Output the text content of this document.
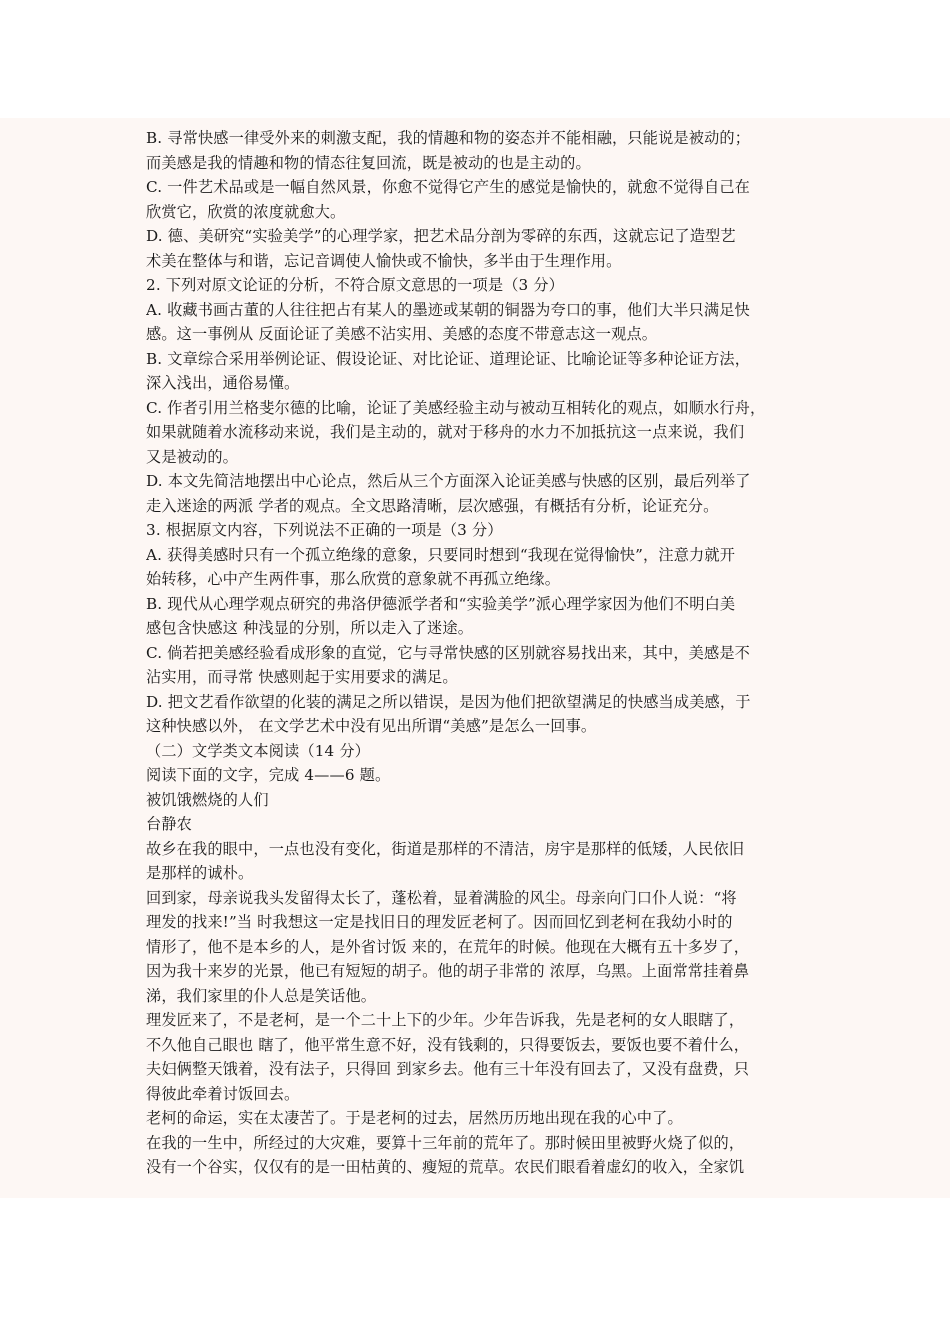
B. 寻常快感一律受外来的刺激支配，我的情趣和物的姿态并不能相融，只能说是被动的；
而美感是我的情趣和物的情态往复回流，既是被动的也是主动的。
C. 一件艺术品或是一幅自然风景，你愈不觉得它产生的感觉是愉快的，就愈不觉得自己在
欣赏它，欣赏的浓度就愈大。
D. 德、美研究“实验美学”的心理学家，把艺术品分剖为零碎的东西，这就忘记了造型艺
术美在整体与和谐，忘记音调使人愉快或不愉快，多半由于生理作用。
2. 下列对原文论证的分析，不符合原文意思的一项是（3 分）
A. 收藏书画古董的人往往把占有某人的墨迹或某朝的铜器为夸口的事，他们大半只满足快
感。这一事例从 反面论证了美感不沾实用、美感的态度不带意志这一观点。
B. 文章综合采用举例论证、假设论证、对比论证、道理论证、比喻论证等多种论证方法，
深入浅出，通俗易懂。
C. 作者引用兰格斐尔德的比喻，论证了美感经验主动与被动互相转化的观点，如顺水行舟，
如果就随着水流移动来说，我们是主动的，就对于移舟的水力不加抵抗这一点来说，我们
又是被动的。
D. 本文先简洁地摆出中心论点，然后从三个方面深入论证美感与快感的区别，最后列举了
走入迷途的两派 学者的观点。全文思路清晰，层次感强，有概括有分析，论证充分。
3. 根据原文内容，下列说法不正确的一项是（3 分）
A. 获得美感时只有一个孤立绝缘的意象，只要同时想到“我现在觉得愉快”，注意力就开
始转移，心中产生两件事，那么欣赏的意象就不再孤立绝缘。
B. 现代从心理学观点研究的弗洛伊德派学者和“实验美学”派心理学家因为他们不明白美
感包含快感这 种浅显的分别，所以走入了迷途。
C. 倘若把美感经验看成形象的直觉，它与寻常快感的区别就容易找出来，其中，美感是不
沾实用，而寻常 快感则起于实用要求的满足。
D. 把文艺看作欲望的化装的满足之所以错误，是因为他们把欲望满足的快感当成美感，于
这种快感以外， 在文学艺术中没有见出所谓“美感”是怎么一回事。
（二）文学类文本阅读（14 分）
阅读下面的文字，完成 4——6 题。
被饥饿燃烧的人们
台静农
故乡在我的眼中，一点也没有变化，街道是那样的不清洁，房宇是那样的低矮，人民依旧
是那样的诚朴。
回到家，母亲说我头发留得太长了，蓬松着，显着满脸的风尘。母亲向门口仆人说：“将
理发的找来!”当 时我想这一定是找旧日的理发匠老柯了。因而回忆到老柯在我幼小时的
情形了，他不是本乡的人，是外省讨饭 来的，在荒年的时候。他现在大概有五十多岁了，
因为我十来岁的光景，他已有短短的胡子。他的胡子非常的 浓厚，乌黑。上面常常挂着鼻
涕，我们家里的仆人总是笑话他。
理发匠来了，不是老柯，是一个二十上下的少年。少年告诉我，先是老柯的女人眼瞎了，
不久他自己眼也 瞎了，他平常生意不好，没有钱剩的，只得要饭去，要饭也要不着什么，
夫妇俩整天饿着，没有法子，只得回 到家乡去。他有三十年没有回去了，又没有盘费，只
得彼此牵着讨饭回去。
老柯的命运，实在太凄苦了。于是老柯的过去，居然历历地出现在我的心中了。
在我的一生中，所经过的大灾难，要算十三年前的荒年了。那时候田里被野火烧了似的，
没有一个谷实，仅仅有的是一田枯黄的、瘦短的荒草。农民们眼看着虚幻的收入，全家饥
